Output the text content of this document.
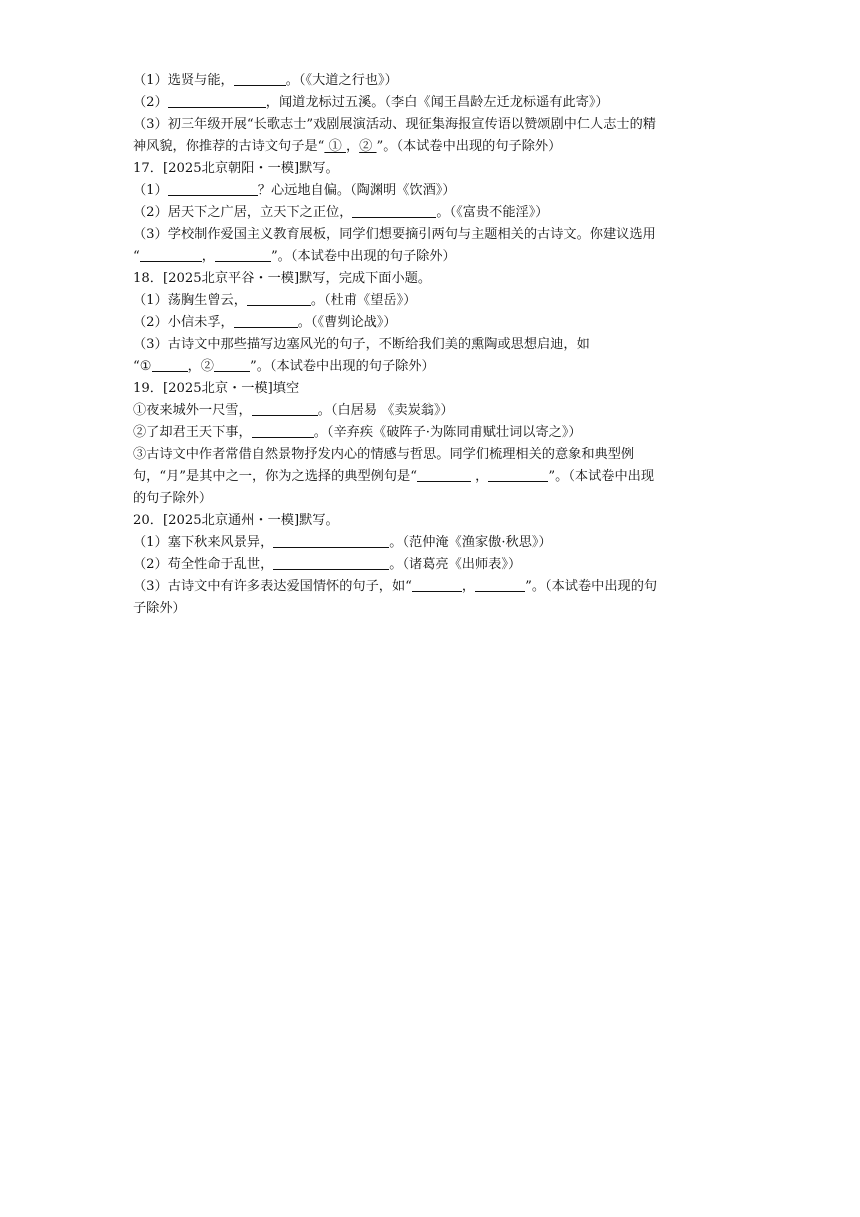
（1）选贤与能，	。（《大道之行也》）
（2）	，闻道龙标过五溪。（李白《闻王昌龄左迁龙标遥有此寄》）
（3）初三年级开展“长歌志士”戏剧展演活动、现征集海报宣传语以赞颂剧中仁人志士的精
神风貌，你推荐的古诗文句子是“ ① ，② ”。（本试卷中出现的句子除外）
17．[2025北京朝阳・一模]默写。
（1）	？心远地自偏。（陶渊明《饮酒》）
（2）居天下之广居，立天下之正位，	。（《富贵不能淫》）
（3）学校制作爱国主义教育展板，同学们想要摘引两句与主题相关的古诗文。你建议选用
“	，	”。（本试卷中出现的句子除外）
18．[2025北京平谷・一模]默写，完成下面小题。
（1）荡胸生曾云，	。（杜甫《望岳》）
（2）小信未孚，	。（《曹刿论战》）
（3）古诗文中那些描写边塞风光的句子，不断给我们美的熏陶或思想启迪，如
“①	，②	”。（本试卷中出现的句子除外）
19．[2025北京・一模]填空
①夜来城外一尺雪，	。（白居易 《卖炭翁》）
②了却君王天下事，	。（辛弃疾《破阵子·为陈同甫赋壮词以寄之》）
③古诗文中作者常借自然景物抒发内心的情感与哲思。同学们梳理相关的意象和典型例
句，“月”是其中之一，你为之选择的典型例句是“	，	”。（本试卷中出现
的句子除外）
20．[2025北京通州・一模]默写。
（1）塞下秋来风景异，	。（范仲淹《渔家傲·秋思》）
（2）苟全性命于乱世，	。（诸葛亮《出师表》）
（3）古诗文中有许多表达爱国情怀的句子，如“	，	”。（本试卷中出现的句
子除外）
